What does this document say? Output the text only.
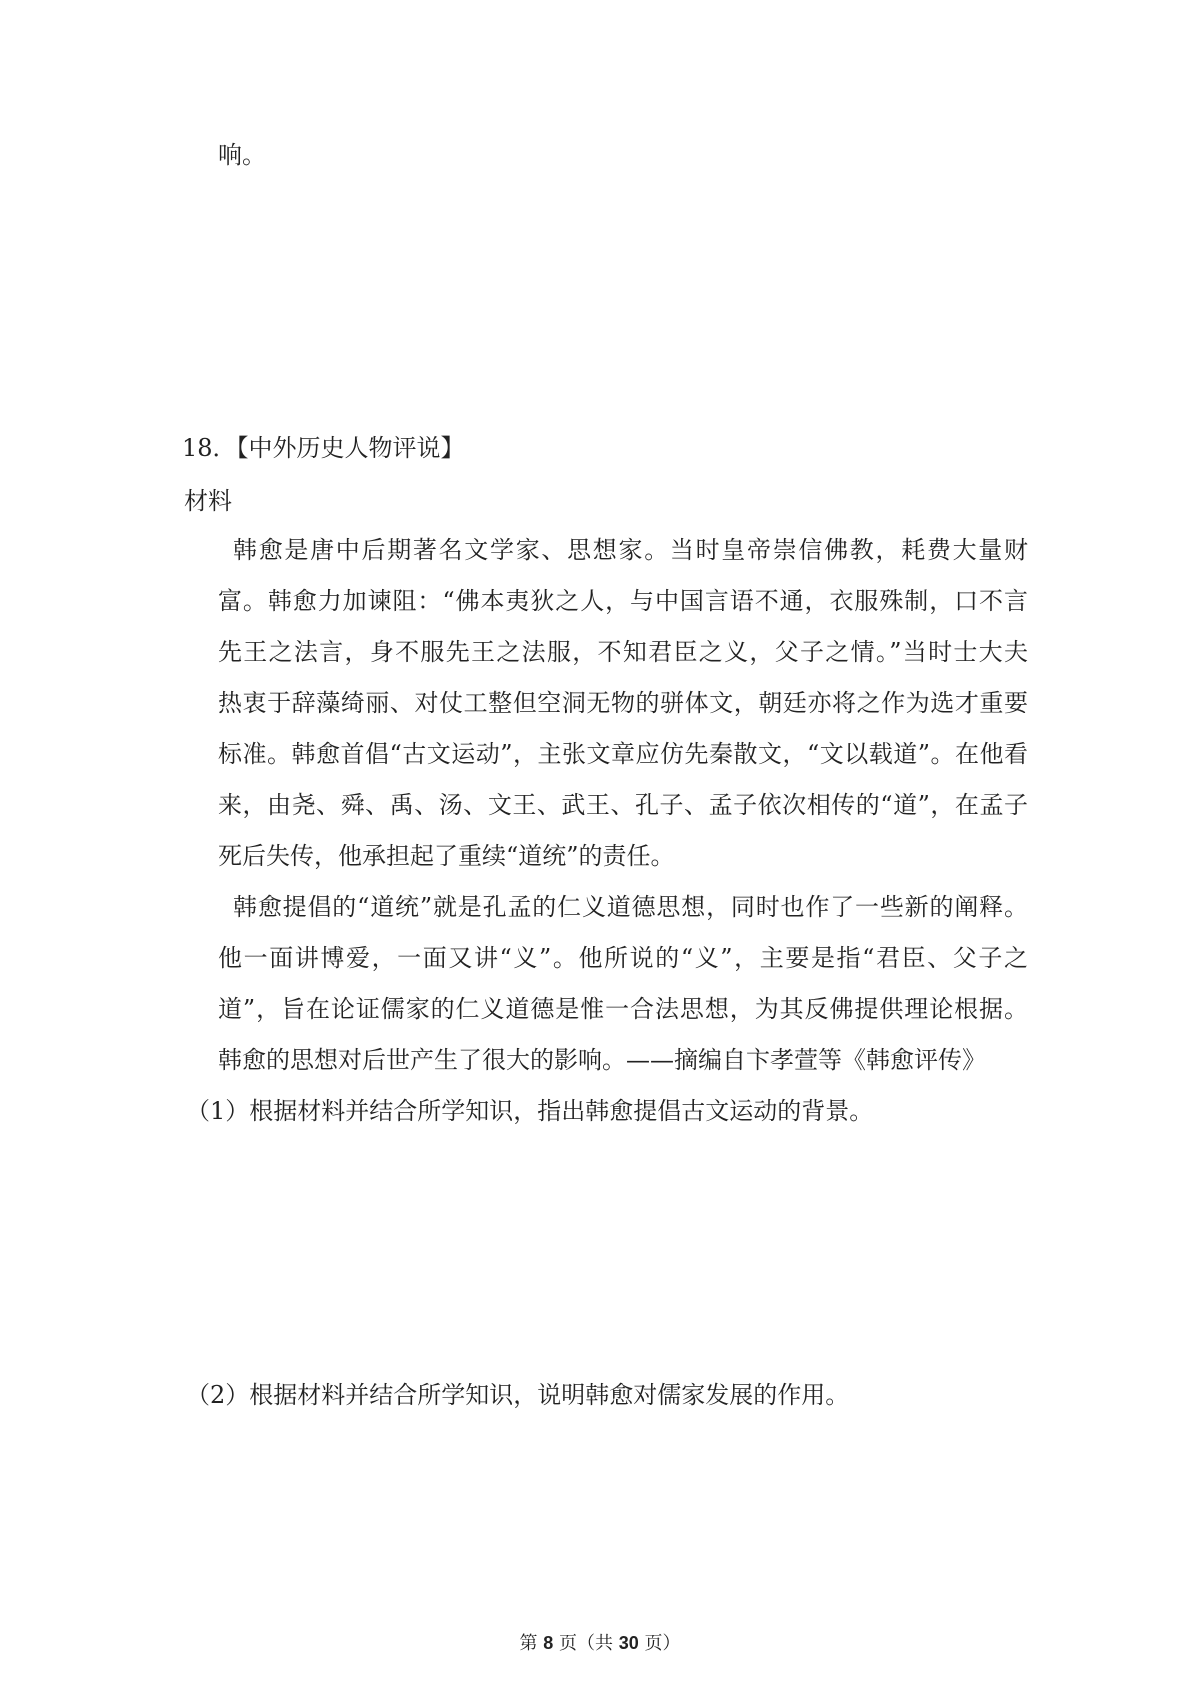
响。
18．【中外历史人物评说】
材料
韩愈是唐中后期著名文学家、思想家。当时皇帝崇信佛教，耗费大量财
富。韩愈力加谏阻：“佛本夷狄之人，与中国言语不通，衣服殊制，口不言
先王之法言，身不服先王之法服，不知君臣之义，父子之情。”当时士大夫
热衷于辞藻绮丽、对仗工整但空洞无物的骈体文，朝廷亦将之作为选才重要
标准。韩愈首倡“古文运动”，主张文章应仿先秦散文，“文以载道”。在他看
来，由尧、舜、禹、汤、文王、武王、孔子、孟子依次相传的“道”，在孟子
死后失传，他承担起了重续“道统”的责任。
韩愈提倡的“道统”就是孔孟的仁义道德思想，同时也作了一些新的阐释。
他一面讲博爱，一面又讲“义”。他所说的“义”，主要是指“君臣、父子之
道”，旨在论证儒家的仁义道德是惟一合法思想，为其反佛提供理论根据。
韩愈的思想对后世产生了很大的影响。——摘编自卞孝萱等《韩愈评传》
（1）根据材料并结合所学知识，指出韩愈提倡古文运动的背景。
（2）根据材料并结合所学知识，说明韩愈对儒家发展的作用。
第 8 页（共 30 页）
